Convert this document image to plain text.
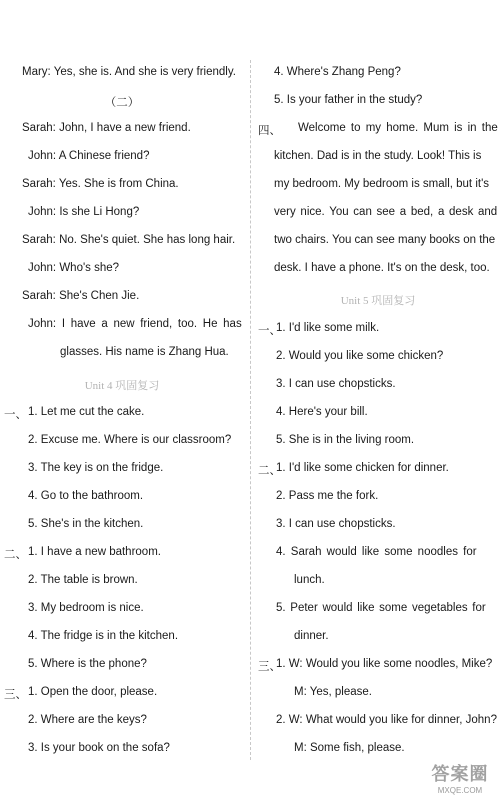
Mary: Yes, she is. And she is very friendly.
（二）
Sarah: John, I have a new friend.
John: A Chinese friend?
Sarah: Yes. She is from China.
John: Is she Li Hong?
Sarah: No. She's quiet. She has long hair.
John: Who's she?
Sarah: She's Chen Jie.
John: I have a new friend, too. He has
glasses. His name is Zhang Hua.
Unit 4 巩固复习
一、 1. Let me cut the cake.
2. Excuse me. Where is our classroom?
3. The key is on the fridge.
4. Go to the bathroom.
5. She's in the kitchen.
二、 1. I have a new bathroom.
2. The table is brown.
3. My bedroom is nice.
4. The fridge is in the kitchen.
5. Where is the phone?
三、 1. Open the door, please.
2. Where are the keys?
3. Is your book on the sofa?
4. Where's Zhang Peng?
5. Is your father in the study?
四、 Welcome to my home. Mum is in the
kitchen. Dad is in the study. Look! This is
my bedroom. My bedroom is small, but it's
very nice. You can see a bed, a desk and
two chairs. You can see many books on the
desk. I have a phone. It's on the desk, too.
Unit 5 巩固复习
一、
1. I'd like some milk.
2. Would you like some chicken?
3. I can use chopsticks.
4. Here's your bill.
5. She is in the living room.
二、
1. I'd like some chicken for dinner.
2. Pass me the fork.
3. I can use chopsticks.
4. Sarah would like some noodles for
lunch.
5. Peter would like some vegetables for
dinner.
三、
1. W: Would you like some noodles, Mike?
M: Yes, please.
2. W: What would you like for dinner, John?
M: Some fish, please.
答案圈
MXQE.COM
